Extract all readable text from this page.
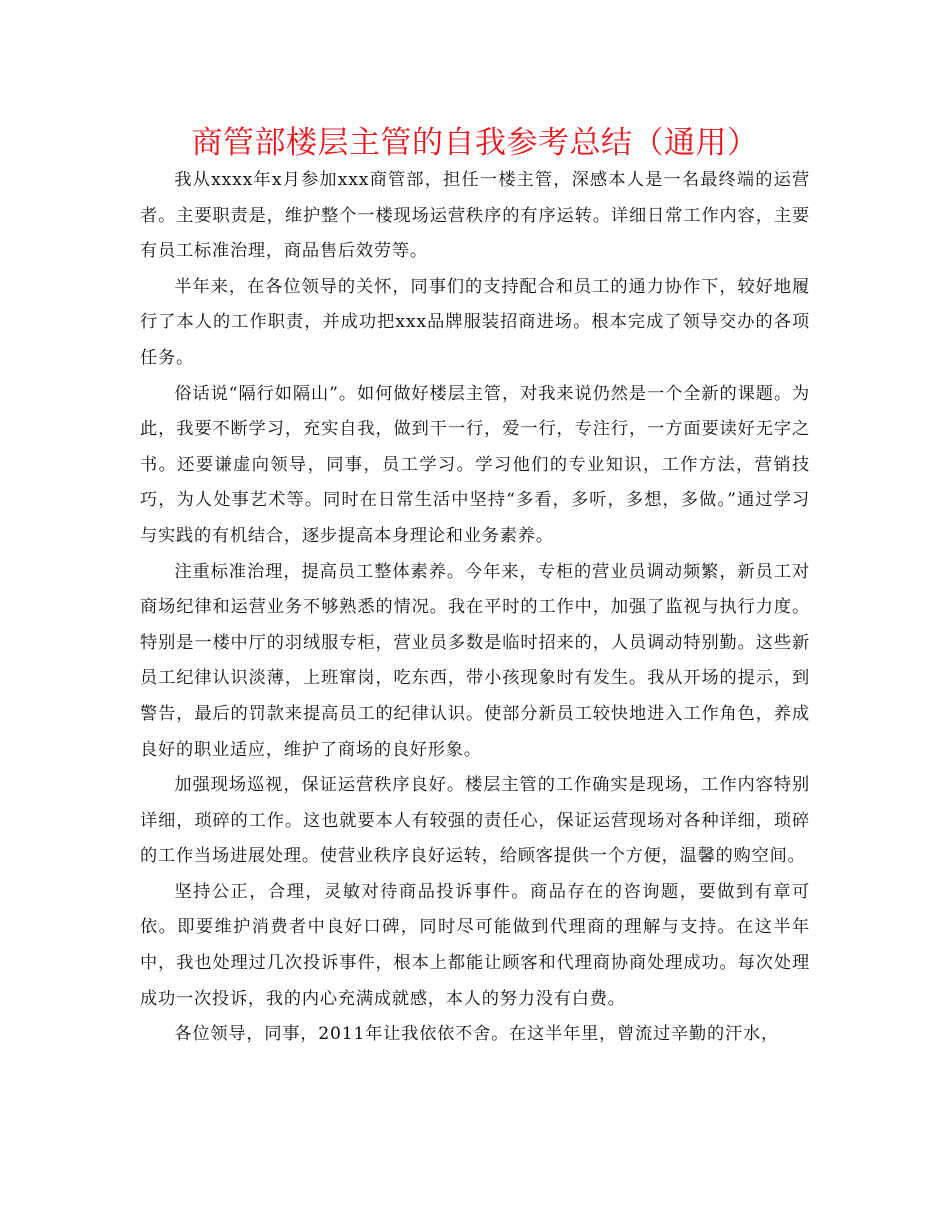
商管部楼层主管的自我参考总结（通用）

我从xxxx年x月参加xxx商管部，担任一楼主管，深感本人是一名最终端的运营者。主要职责是，维护整个一楼现场运营秩序的有序运转。详细日常工作内容，主要有员工标准治理，商品售后效劳等。

半年来，在各位领导的关怀，同事们的支持配合和员工的通力协作下，较好地履行了本人的工作职责，并成功把xxx品牌服装招商进场。根本完成了领导交办的各项任务。

俗话说“隔行如隔山”。如何做好楼层主管，对我来说仍然是一个全新的课题。为此，我要不断学习，充实自我，做到干一行，爱一行，专注行，一方面要读好无字之书。还要谦虚向领导，同事，员工学习。学习他们的专业知识，工作方法，营销技巧，为人处事艺术等。同时在日常生活中坚持“多看，多听，多想，多做。”通过学习与实践的有机结合，逐步提高本身理论和业务素养。

注重标准治理，提高员工整体素养。今年来，专柜的营业员调动频繁，新员工对商场纪律和运营业务不够熟悉的情况。我在平时的工作中，加强了监视与执行力度。特别是一楼中厅的羽绒服专柜，营业员多数是临时招来的，人员调动特别勤。这些新员工纪律认识淡薄，上班窜岗，吃东西，带小孩现象时有发生。我从开场的提示，到警告，最后的罚款来提高员工的纪律认识。使部分新员工较快地进入工作角色，养成良好的职业适应，维护了商场的良好形象。

加强现场巡视，保证运营秩序良好。楼层主管的工作确实是现场，工作内容特别详细，琐碎的工作。这也就要本人有较强的责任心，保证运营现场对各种详细，琐碎的工作当场进展处理。使营业秩序良好运转，给顾客提供一个方便，温馨的购空间。

坚持公正，合理，灵敏对待商品投诉事件。商品存在的咨询题，要做到有章可依。即要维护消费者中良好口碑，同时尽可能做到代理商的理解与支持。在这半年中，我也处理过几次投诉事件，根本上都能让顾客和代理商协商处理成功。每次处理成功一次投诉，我的内心充满成就感，本人的努力没有白费。

各位领导，同事，2011年让我依依不舍。在这半年里，曾流过辛勤的汗水，
